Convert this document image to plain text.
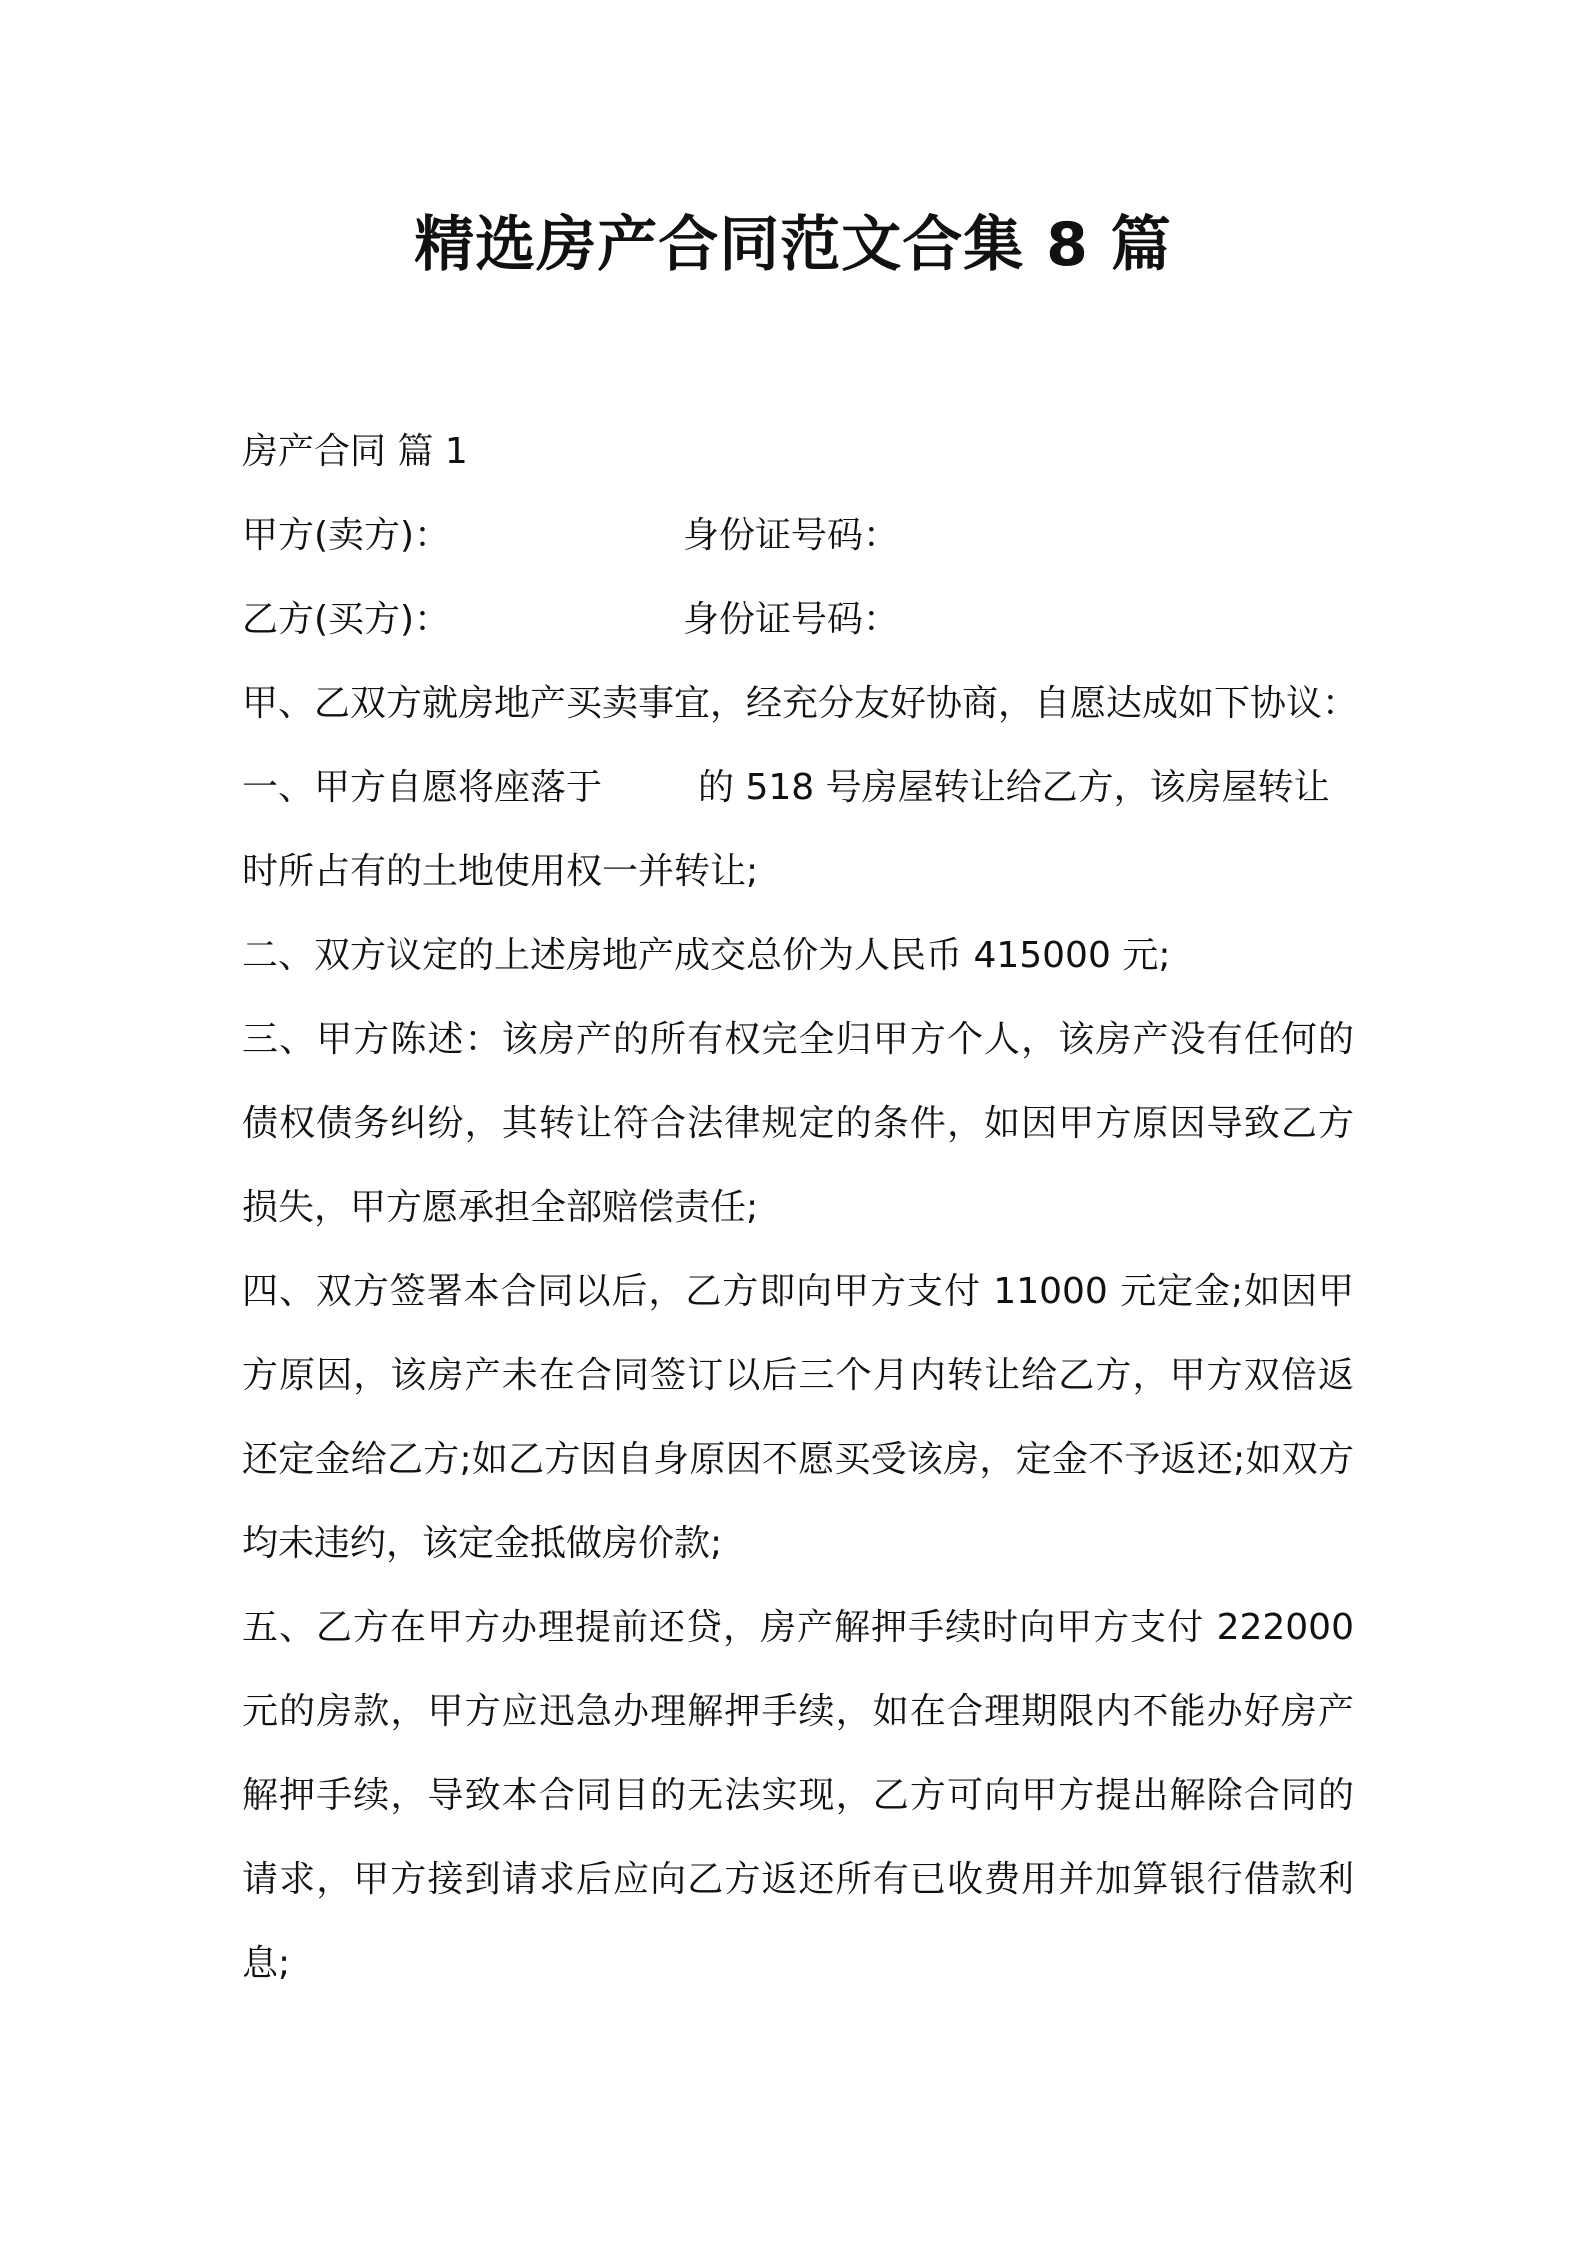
精选房产合同范文合集 8 篇
房产合同 篇 1
甲方(卖方)：	身份证号码：
乙方(买方)：	身份证号码：
甲、乙双方就房地产买卖事宜，经充分友好协商，自愿达成如下协议：
一、甲方自愿将座落于	的 518 号房屋转让给乙方，该房屋转让
时所占有的土地使用权一并转让;
二、双方议定的上述房地产成交总价为人民币 415000 元;
三、甲方陈述：该房产的所有权完全归甲方个人，该房产没有任何的债权债务纠纷，其转让符合法律规定的条件，如因甲方原因导致乙方损失，甲方愿承担全部赔偿责任;
四、双方签署本合同以后，乙方即向甲方支付 11000 元定金;如因甲方原因，该房产未在合同签订以后三个月内转让给乙方，甲方双倍返还定金给乙方;如乙方因自身原因不愿买受该房，定金不予返还;如双方均未违约，该定金抵做房价款;
五、乙方在甲方办理提前还贷，房产解押手续时向甲方支付 222000 元的房款，甲方应迅急办理解押手续，如在合理期限内不能办好房产解押手续，导致本合同目的无法实现，乙方可向甲方提出解除合同的请求，甲方接到请求后应向乙方返还所有已收费用并加算银行借款利息;
